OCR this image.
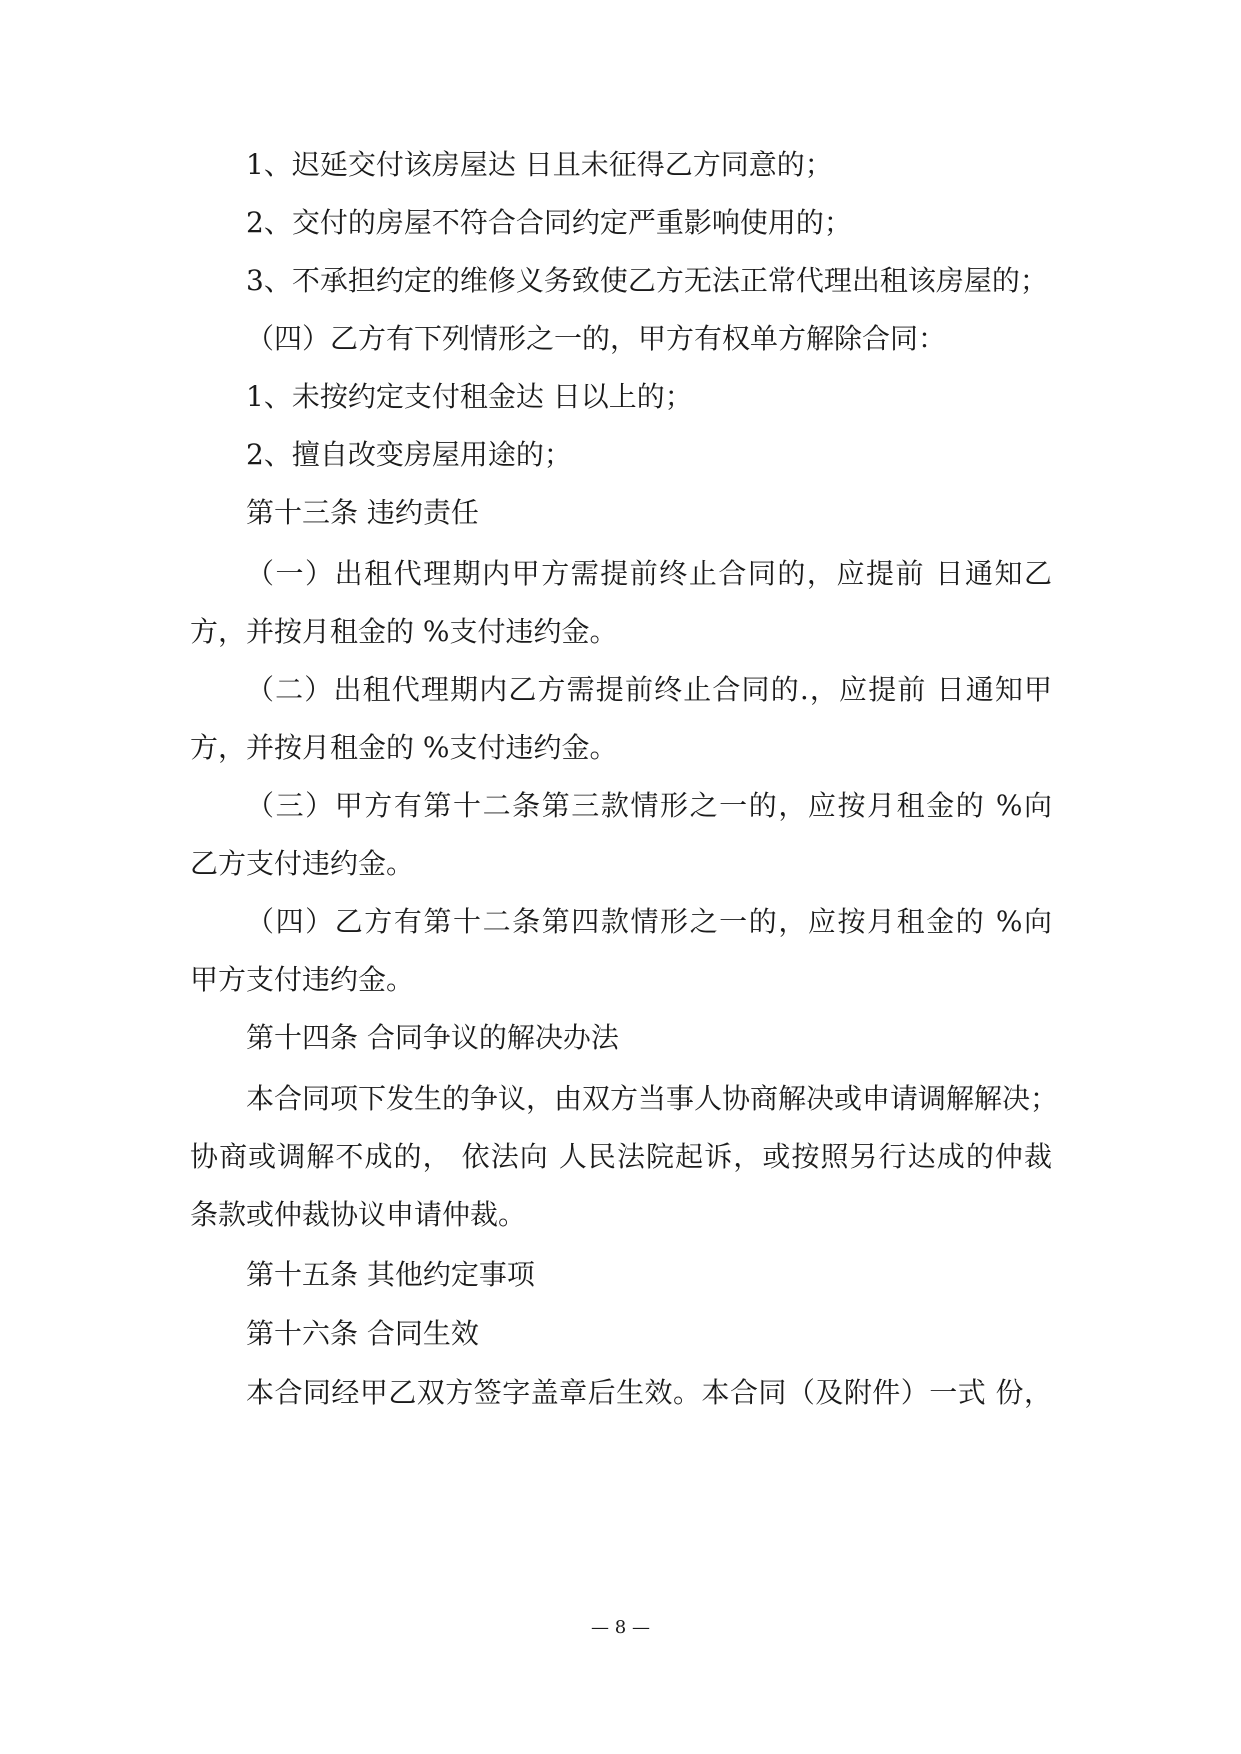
1、迟延交付该房屋达 日且未征得乙方同意的；
2、交付的房屋不符合合同约定严重影响使用的；
3、不承担约定的维修义务致使乙方无法正常代理出租该房屋的；
（四）乙方有下列情形之一的，甲方有权单方解除合同：
1、未按约定支付租金达 日以上的；
2、擅自改变房屋用途的；
第十三条 违约责任
（一）出租代理期内甲方需提前终止合同的，应提前 日通知乙
方，并按月租金的 %支付违约金。
（二）出租代理期内乙方需提前终止合同的.，应提前 日通知甲
方，并按月租金的 %支付违约金。
（三）甲方有第十二条第三款情形之一的，应按月租金的 %向
乙方支付违约金。
（四）乙方有第十二条第四款情形之一的，应按月租金的 %向
甲方支付违约金。
第十四条 合同争议的解决办法
本合同项下发生的争议，由双方当事人协商解决或申请调解解决；
协商或调解不成的， 依法向 人民法院起诉，或按照另行达成的仲裁
条款或仲裁协议申请仲裁。
第十五条 其他约定事项
第十六条 合同生效
本合同经甲乙双方签字盖章后生效。本合同（及附件）一式 份，
— 8 —
